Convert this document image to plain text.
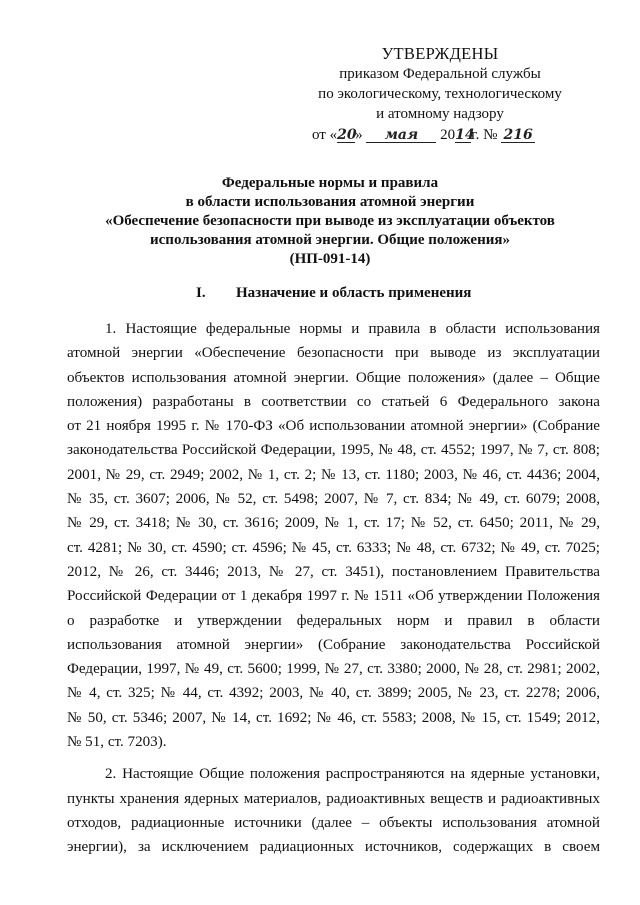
УТВЕРЖДЕНЫ
приказом Федеральной службы
по экологическому, технологическому
и атомному надзору
от «20» мая 2014г. № 216
Федеральные нормы и правила
в области использования атомной энергии
«Обеспечение безопасности при выводе из эксплуатации объектов
использования атомной энергии. Общие положения»
(НП-091-14)
I. Назначение и область применения
1. Настоящие федеральные нормы и правила в области использования
атомной энергии «Обеспечение безопасности при выводе из эксплуатации
объектов использования атомной энергии. Общие положения» (далее – Общие
положения) разработаны в соответствии со статьей 6 Федерального закона
от 21 ноября 1995 г. № 170-ФЗ «Об использовании атомной энергии» (Собрание
законодательства Российской Федерации, 1995, № 48, ст. 4552; 1997, № 7, ст. 808;
2001, № 29, ст. 2949; 2002, № 1, ст. 2; № 13, ст. 1180; 2003, № 46, ст. 4436; 2004,
№ 35, ст. 3607; 2006, № 52, ст. 5498; 2007, № 7, ст. 834; № 49, ст. 6079; 2008,
№ 29, ст. 3418; № 30, ст. 3616; 2009, № 1, ст. 17; № 52, ст. 6450; 2011, № 29,
ст. 4281; № 30, ст. 4590; ст. 4596; № 45, ст. 6333; № 48, ст. 6732; № 49, ст. 7025;
2012, № 26, ст. 3446; 2013, № 27, ст. 3451), постановлением Правительства
Российской Федерации от 1 декабря 1997 г. № 1511 «Об утверждении Положения
о разработке и утверждении федеральных норм и правил в области
использования атомной энергии» (Собрание законодательства Российской
Федерации, 1997, № 49, ст. 5600; 1999, № 27, ст. 3380; 2000, № 28, ст. 2981; 2002,
№ 4, ст. 325; № 44, ст. 4392; 2003, № 40, ст. 3899; 2005, № 23, ст. 2278; 2006,
№ 50, ст. 5346; 2007, № 14, ст. 1692; № 46, ст. 5583; 2008, № 15, ст. 1549; 2012,
№ 51, ст. 7203).
2. Настоящие Общие положения распространяются на ядерные установки,
пункты хранения ядерных материалов, радиоактивных веществ и радиоактивных
отходов, радиационные источники (далее – объекты использования атомной
энергии), за исключением радиационных источников, содержащих в своем
